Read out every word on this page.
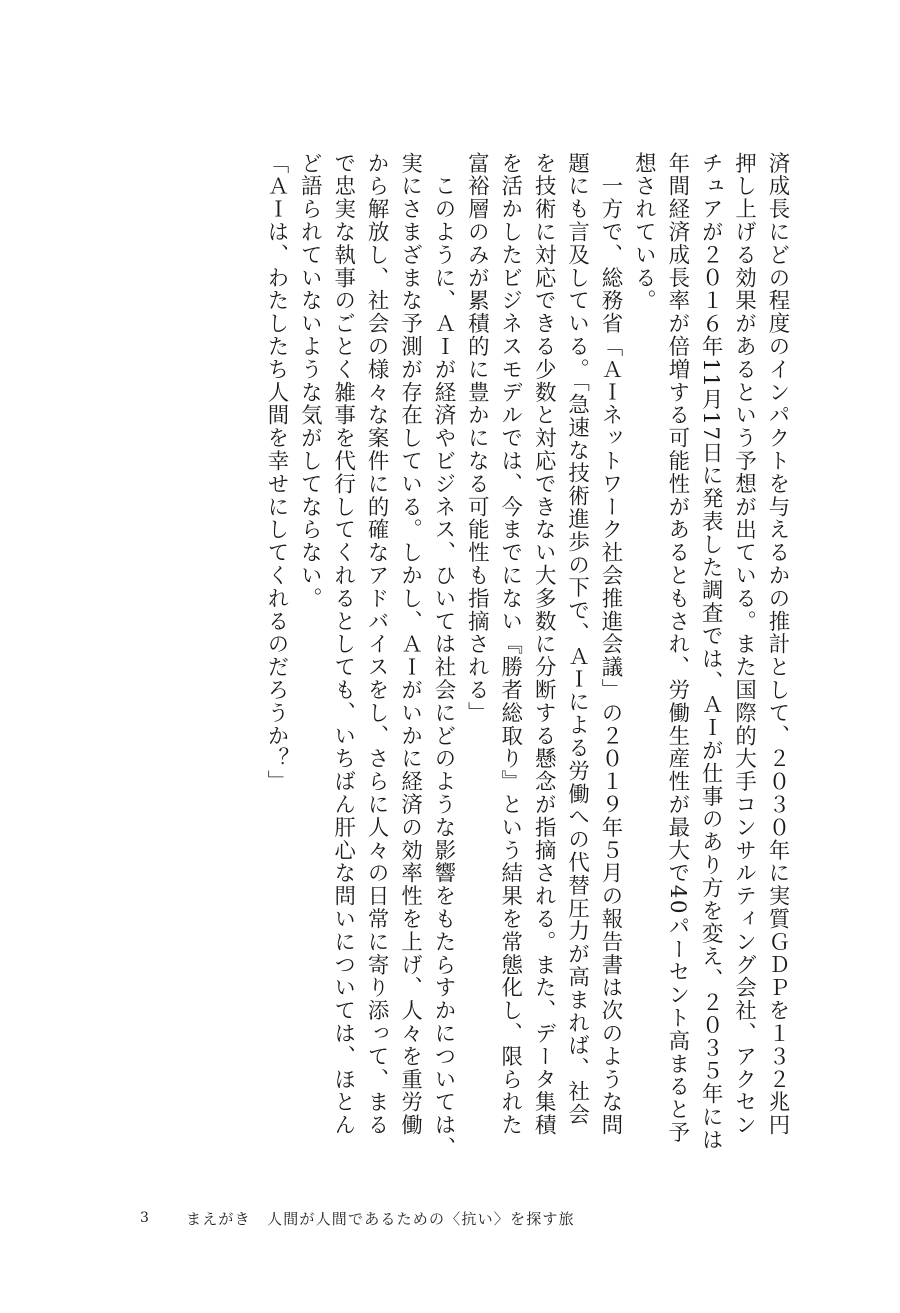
済成長にどの程度のインパクトを与えるかの推計として、２０３０年に実質ＧＤＰを１３２兆円

押し上げる効果があるという予想が出ている。また国際的大手コンサルティング会社、アクセン

チュアが２０１６年11月17日に発表した調査では、ＡＩが仕事のあり方を変え、２０３５年には

年間経済成長率が倍増する可能性があるともされ、労働生産性が最大で40パーセント高まると予

想されている。

　一方で、総務省「ＡＩネットワーク社会推進会議」の２０１９年５月の報告書は次のような問

題にも言及している。「急速な技術進歩の下で、ＡＩによる労働への代替圧力が高まれば、社会

を技術に対応できる少数と対応できない大多数に分断する懸念が指摘される。また、データ集積

を活かしたビジネスモデルでは、今までにない『勝者総取り』という結果を常態化し、限られた

富裕層のみが累積的に豊かになる可能性も指摘される」

　このように、ＡＩが経済やビジネス、ひいては社会にどのような影響をもたらすかについては、

実にさまざまな予測が存在している。しかし、ＡＩがいかに経済の効率性を上げ、人々を重労働

から解放し、社会の様々な案件に的確なアドバイスをし、さらに人々の日常に寄り添って、まる

で忠実な執事のごとく雑事を代行してくれるとしても、いちばん肝心な問いについては、ほとん

ど語られていないような気がしてならない。

「ＡＩは、わたしたち人間を幸せにしてくれるのだろうか？」

3	まえがき　人間が人間であるための〈抗い〉を探す旅
